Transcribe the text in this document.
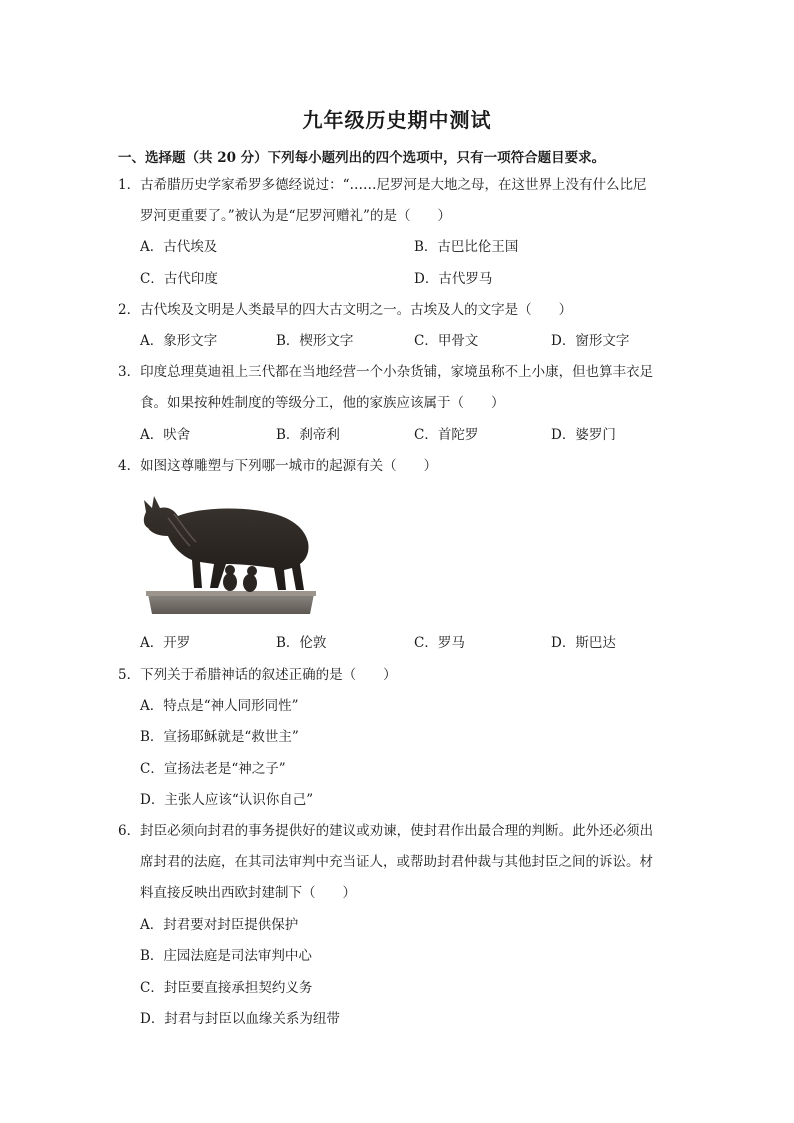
九年级历史期中测试
一、选择题（共 20 分）下列每小题列出的四个选项中，只有一项符合题目要求。
1．古希腊历史学家希罗多德经说过：“……尼罗河是大地之母，在这世界上没有什么比尼
罗河更重要了。”被认为是“尼罗河赠礼”的是（　　）
A．古代埃及	B．古巴比伦王国
C．古代印度	D．古代罗马
2．古代埃及文明是人类最早的四大古文明之一。古埃及人的文字是（　　）
A．象形文字	B．楔形文字	C．甲骨文	D．窗形文字
3．印度总理莫迪祖上三代都在当地经营一个小杂货铺，家境虽称不上小康，但也算丰衣足
食。如果按种姓制度的等级分工，他的家族应该属于（　　）
A．吠舍	B．刹帝利	C．首陀罗	D．婆罗门
4．如图这尊雕塑与下列哪一城市的起源有关（　　）
A．开罗	B．伦敦	C．罗马	D．斯巴达
5．下列关于希腊神话的叙述正确的是（　　）
A．特点是“神人同形同性”
B．宣扬耶稣就是“救世主”
C．宣扬法老是“神之子”
D．主张人应该“认识你自己”
6．封臣必须向封君的事务提供好的建议或劝谏，使封君作出最合理的判断。此外还必须出
席封君的法庭，在其司法审判中充当证人，或帮助封君仲裁与其他封臣之间的诉讼。材
料直接反映出西欧封建制下（　　）
A．封君要对封臣提供保护
B．庄园法庭是司法审判中心
C．封臣要直接承担契约义务
D．封君与封臣以血缘关系为纽带
